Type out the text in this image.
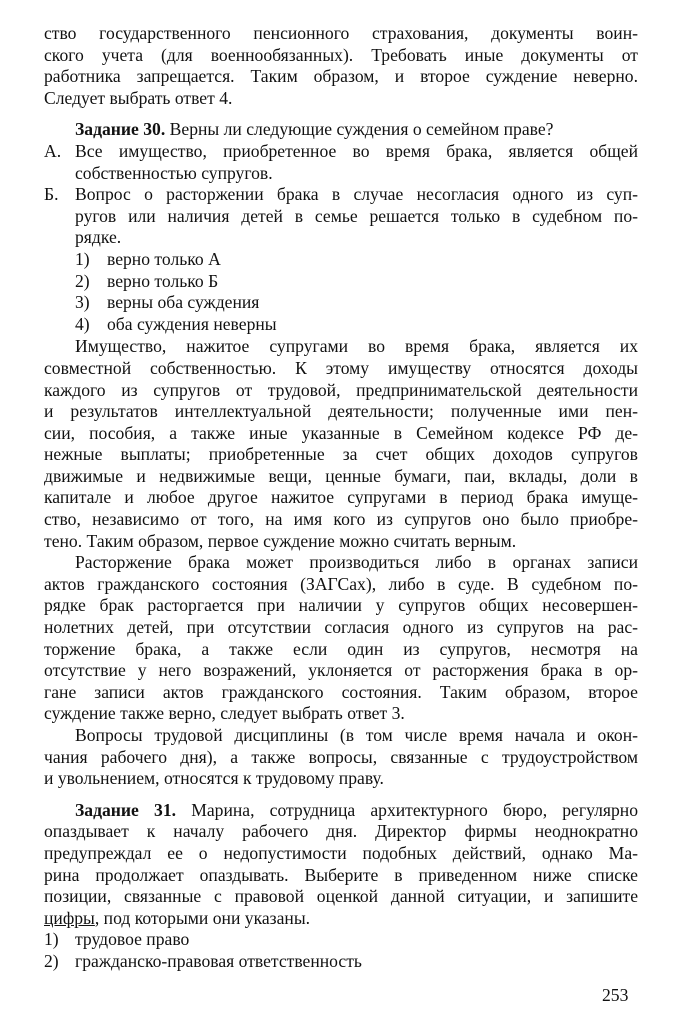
ство государственного пенсионного страхования, документы воин-
ского учета (для военнообязанных). Требовать иные документы от
работника запрещается. Таким образом, и второе суждение неверно.
Следует выбрать ответ 4.
Задание 30. Верны ли следующие суждения о семейном праве?
А. Все имущество, приобретенное во время брака, является общей
собственностью супругов.
Б. Вопрос о расторжении брака в случае несогласия одного из суп-
ругов или наличия детей в семье решается только в судебном по-
рядке.
1) верно только А
2) верно только Б
3) верны оба суждения
4) оба суждения неверны
Имущество, нажитое супругами во время брака, является их
совместной собственностью. К этому имуществу относятся доходы
каждого из супругов от трудовой, предпринимательской деятельности
и результатов интеллектуальной деятельности; полученные ими пен-
сии, пособия, а также иные указанные в Семейном кодексе РФ де-
нежные выплаты; приобретенные за счет общих доходов супругов
движимые и недвижимые вещи, ценные бумаги, паи, вклады, доли в
капитале и любое другое нажитое супругами в период брака имуще-
ство, независимо от того, на имя кого из супругов оно было приобре-
тено. Таким образом, первое суждение можно считать верным.
Расторжение брака может производиться либо в органах записи
актов гражданского состояния (ЗАГСах), либо в суде. В судебном по-
рядке брак расторгается при наличии у супругов общих несовершен-
нолетних детей, при отсутствии согласия одного из супругов на рас-
торжение брака, а также если один из супругов, несмотря на
отсутствие у него возражений, уклоняется от расторжения брака в ор-
гане записи актов гражданского состояния. Таким образом, второе
суждение также верно, следует выбрать ответ 3.
Вопросы трудовой дисциплины (в том числе время начала и окон-
чания рабочего дня), а также вопросы, связанные с трудоустройством
и увольнением, относятся к трудовому праву.
Задание 31. Марина, сотрудница архитектурного бюро, регулярно
опаздывает к началу рабочего дня. Директор фирмы неоднократно
предупреждал ее о недопустимости подобных действий, однако Ма-
рина продолжает опаздывать. Выберите в приведенном ниже списке
позиции, связанные с правовой оценкой данной ситуации, и запишите
цифры, под которыми они указаны.
1) трудовое право
2) гражданско-правовая ответственность
253
